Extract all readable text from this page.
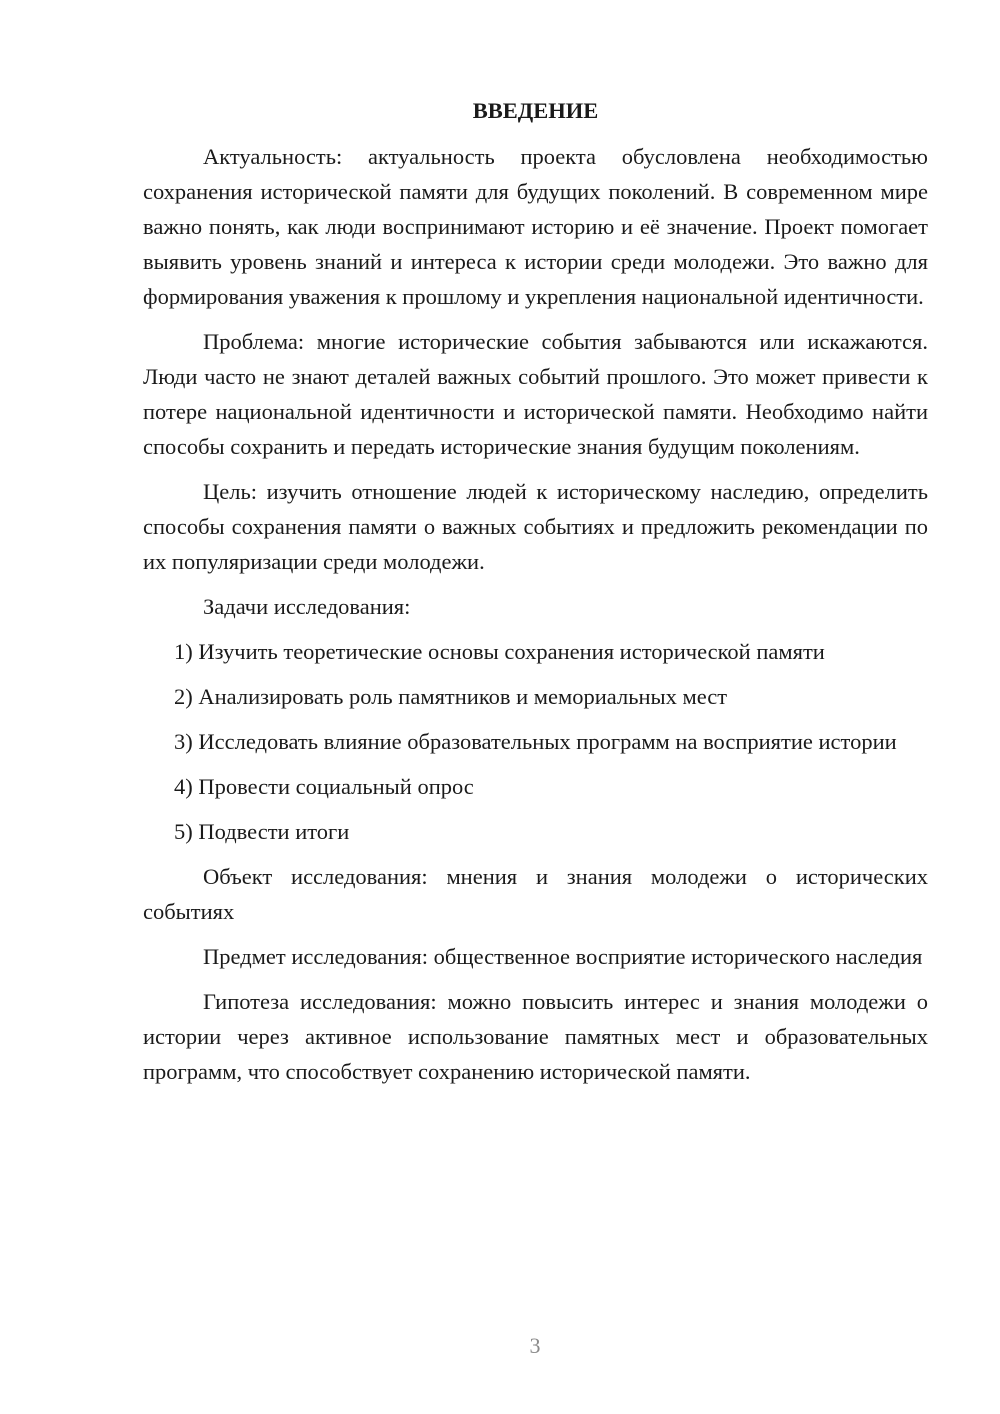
ВВЕДЕНИЕ

Актуальность: актуальность проекта обусловлена необходимостью сохранения исторической памяти для будущих поколений. В современном мире важно понять, как люди воспринимают историю и её значение. Проект помогает выявить уровень знаний и интереса к истории среди молодежи. Это важно для формирования уважения к прошлому и укрепления национальной идентичности.

Проблема: многие исторические события забываются или искажаются. Люди часто не знают деталей важных событий прошлого. Это может привести к потере национальной идентичности и исторической памяти. Необходимо найти способы сохранить и передать исторические знания будущим поколениям.

Цель: изучить отношение людей к историческому наследию, определить способы сохранения памяти о важных событиях и предложить рекомендации по их популяризации среди молодежи.

Задачи исследования:

1) Изучить теоретические основы сохранения исторической памяти

2) Анализировать роль памятников и мемориальных мест

3) Исследовать влияние образовательных программ на восприятие истории

4) Провести социальный опрос

5) Подвести итоги

Объект исследования: мнения и знания молодежи о исторических событиях

Предмет исследования: общественное восприятие исторического наследия

Гипотеза исследования: можно повысить интерес и знания молодежи о истории через активное использование памятных мест и образовательных программ, что способствует сохранению исторической памяти.

3
